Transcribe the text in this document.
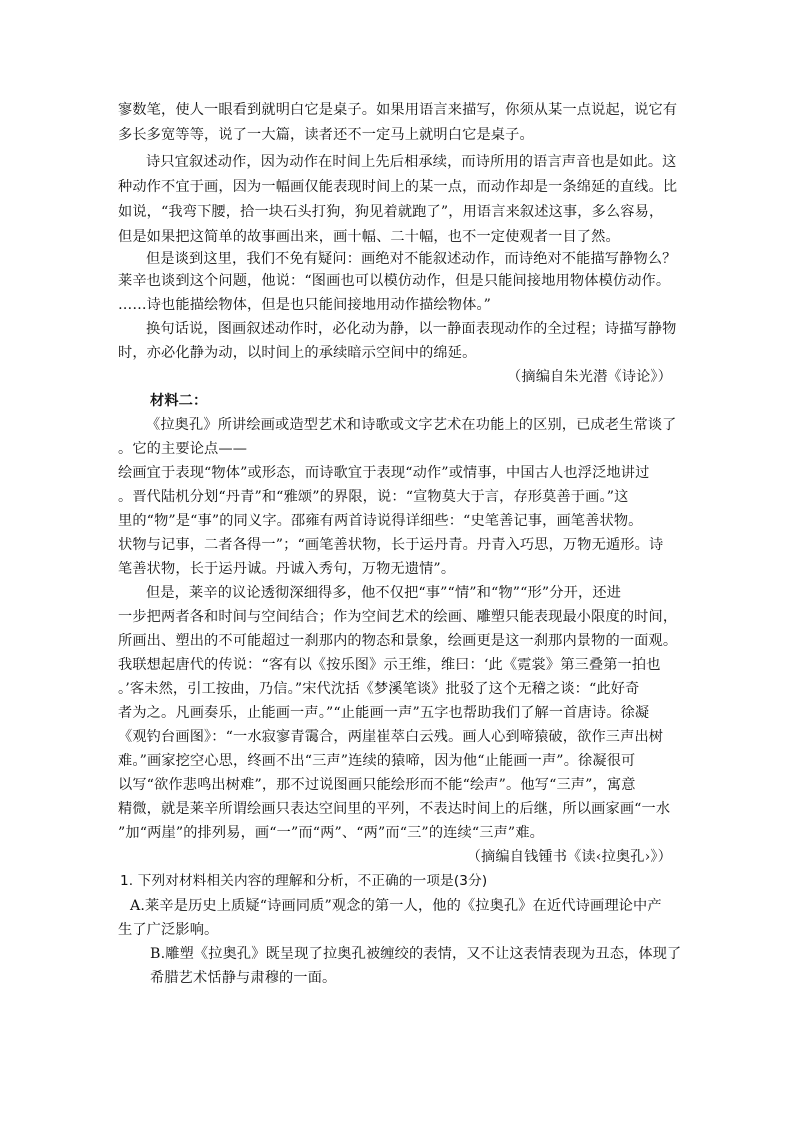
寥数笔，使人一眼看到就明白它是桌子。如果用语言来描写，你须从某一点说起，说它有
多长多宽等等，说了一大篇，读者还不一定马上就明白它是桌子。
诗只宜叙述动作，因为动作在时间上先后相承续，而诗所用的语言声音也是如此。这
种动作不宜于画，因为一幅画仅能表现时间上的某一点，而动作却是一条绵延的直线。比
如说，“我弯下腰，拾一块石头打狗，狗见着就跑了”，用语言来叙述这事，多么容易，
但是如果把这简单的故事画出来，画十幅、二十幅，也不一定使观者一目了然。
但是谈到这里，我们不免有疑问：画绝对不能叙述动作，而诗绝对不能描写静物么？
莱辛也谈到这个问题，他说：“图画也可以模仿动作，但是只能间接地用物体模仿动作。
……诗也能描绘物体，但是也只能间接地用动作描绘物体。”
换句话说，图画叙述动作时，必化动为静，以一静面表现动作的全过程；诗描写静物
时，亦必化静为动，以时间上的承续暗示空间中的绵延。
（摘编自朱光潜《诗论》）
材料二：
《拉奥孔》所讲绘画或造型艺术和诗歌或文字艺术在功能上的区别，已成老生常谈了
。它的主要论点——
绘画宜于表现“物体”或形态，而诗歌宜于表现“动作”或情事，中国古人也浮泛地讲过
。晋代陆机分划“丹青”和“雅颂”的界限，说：“宣物莫大于言，存形莫善于画。”这
里的“物”是“事”的同义字。邵雍有两首诗说得详细些：“史笔善记事，画笔善状物。
状物与记事，二者各得一”；“画笔善状物，长于运丹青。丹青入巧思，万物无遁形。诗
笔善状物，长于运丹诚。丹诚入秀句，万物无遗情”。
但是，莱辛的议论透彻深细得多，他不仅把“事”“情”和“物”“形”分开，还进
一步把两者各和时间与空间结合；作为空间艺术的绘画、雕塑只能表现最小限度的时间，
所画出、塑出的不可能超过一刹那内的物态和景象，绘画更是这一刹那内景物的一面观。
我联想起唐代的传说：“客有以《按乐图》示王维，维曰：‘此《霓裳》第三叠第一拍也
。’客未然，引工按曲，乃信。”宋代沈括《梦溪笔谈》批驳了这个无稽之谈：“此好奇
者为之。凡画奏乐，止能画一声。”“止能画一声”五字也帮助我们了解一首唐诗。徐凝
《观钓台画图》：“一水寂寥青霭合，两崖崔萃白云残。画人心到啼猿破，欲作三声出树
难。”画家挖空心思，终画不出“三声”连续的猿啼，因为他“止能画一声”。徐凝很可
以写“欲作悲鸣出树难”，那不过说图画只能绘形而不能“绘声”。他写“三声”，寓意
精微，就是莱辛所谓绘画只表达空间里的平列，不表达时间上的后继，所以画家画“一水
”加“两崖”的排列易，画“一”而“两”、“两”而“三”的连续“三声”难。
（摘编自钱锺书《读‹拉奥孔›》）
1. 下列对材料相关内容的理解和分析，不正确的一项是(3分)
A.莱辛是历史上质疑“诗画同质”观念的第一人，他的《拉奥孔》在近代诗画理论中产
生了广泛影响。
B.雕塑《拉奥孔》既呈现了拉奥孔被缠绞的表情，又不让这表情表现为丑态，体现了
希腊艺术恬静与肃穆的一面。
